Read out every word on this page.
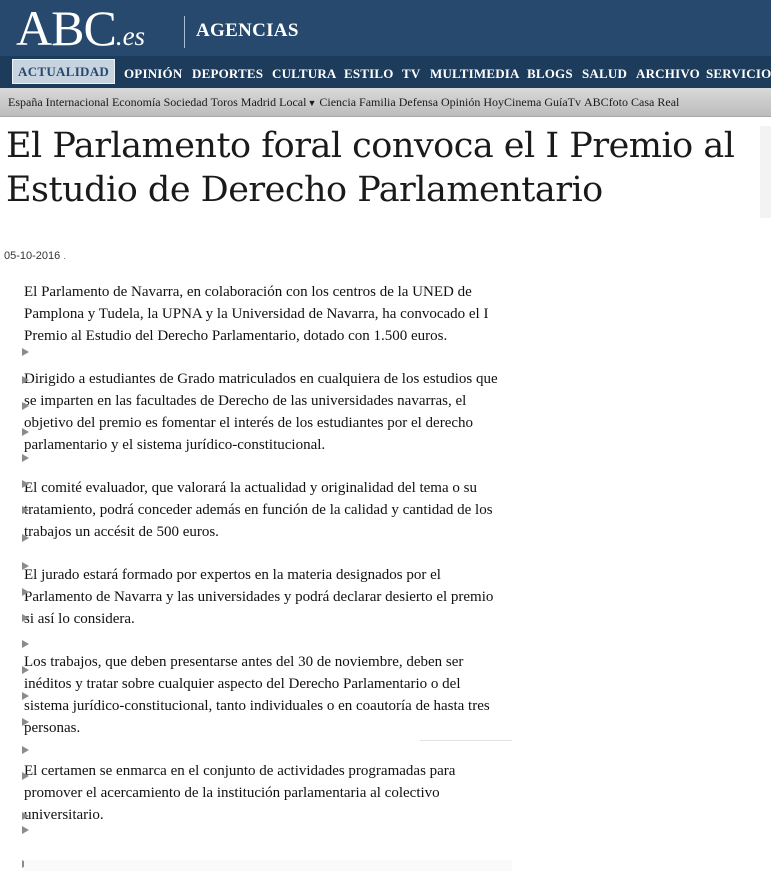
ABC.es	AGENCIAS
ACTUALIDAD	OPINIÓN DEPORTES CULTURA ESTILO TV MULTIMEDIA BLOGS SALUD ARCHIVO SERVICIOS
España Internacional Economía Sociedad Toros Madrid Local▼ Ciencia Familia Defensa Opinión HoyCinema GuíaTv ABCfoto Casa Real
El Parlamento foral convoca el I Premio al Estudio de Derecho Parlamentario
05-10-2016 .

El Parlamento de Navarra, en colaboración con los centros de la UNED de Pamplona y Tudela, la UPNA y la Universidad de Navarra, ha convocado el I Premio al Estudio del Derecho Parlamentario, dotado con 1.500 euros.

Dirigido a estudiantes de Grado matriculados en cualquiera de los estudios que se imparten en las facultades de Derecho de las universidades navarras, el objetivo del premio es fomentar el interés de los estudiantes por el derecho parlamentario y el sistema jurídico-constitucional.

El comité evaluador, que valorará la actualidad y originalidad del tema o su tratamiento, podrá conceder además en función de la calidad y cantidad de los trabajos un accésit de 500 euros.

El jurado estará formado por expertos en la materia designados por el Parlamento de Navarra y las universidades y podrá declarar desierto el premio si así lo considera.

Los trabajos, que deben presentarse antes del 30 de noviembre, deben ser inéditos y tratar sobre cualquier aspecto del Derecho Parlamentario o del sistema jurídico-constitucional, tanto individuales o en coautoría de hasta tres personas.

El certamen se enmarca en el conjunto de actividades programadas para promover el acercamiento de la institución parlamentaria al colectivo universitario.
